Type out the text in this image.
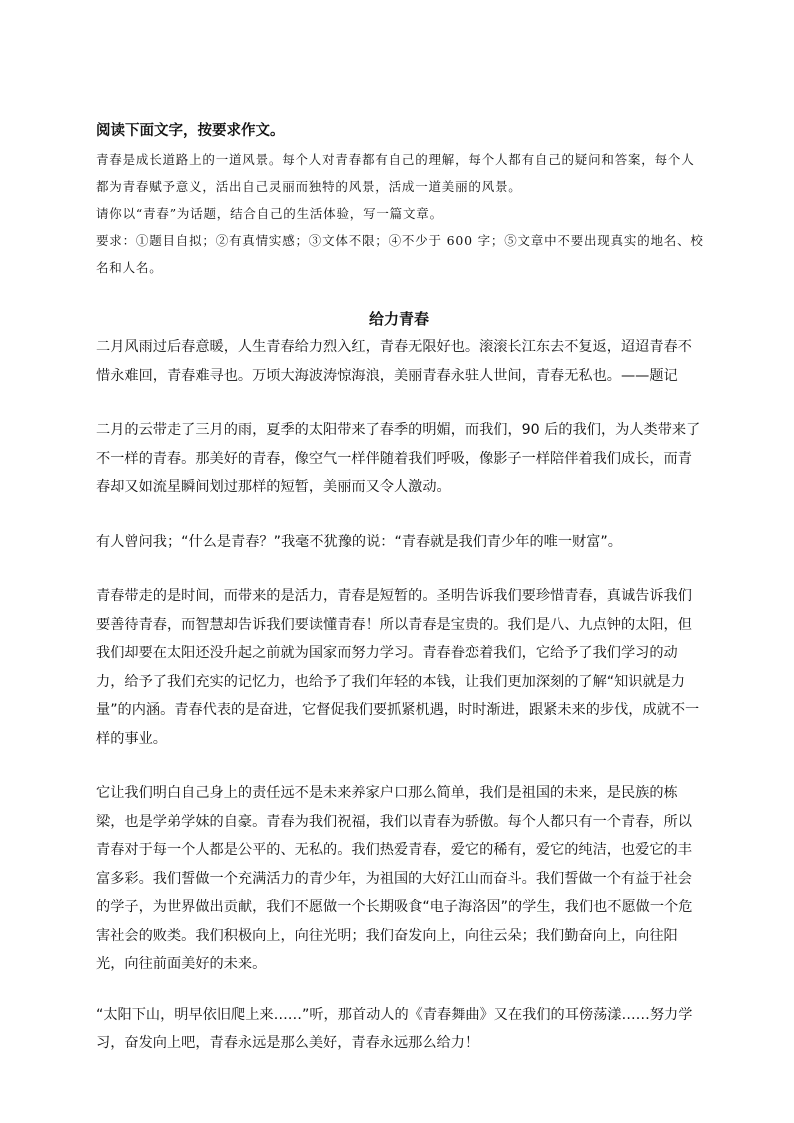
阅读下面文字，按要求作文。

青春是成长道路上的一道风景。每个人对青春都有自己的理解，每个人都有自己的疑问和答案，每个人都为青春赋予意义，活出自己灵丽而独特的风景，活成一道美丽的风景。

请你以“青春”为话题，结合自己的生活体验，写一篇文章。

要求：①题目自拟；②有真情实感；③文体不限；④不少于 600 字；⑤文章中不要出现真实的地名、校名和人名。

给力青春

二月风雨过后春意暖，人生青春给力烈入红，青春无限好也。滚滚长江东去不复返，迢迢青春不惜永难回，青春难寻也。万顷大海波涛惊海浪，美丽青春永驻人世间，青春无私也。——题记

二月的云带走了三月的雨，夏季的太阳带来了春季的明媚，而我们，90 后的我们，为人类带来了不一样的青春。那美好的青春，像空气一样伴随着我们呼吸，像影子一样陪伴着我们成长，而青春却又如流星瞬间划过那样的短暂，美丽而又令人激动。

有人曾问我；“什么是青春？”我毫不犹豫的说：“青春就是我们青少年的唯一财富”。

青春带走的是时间，而带来的是活力，青春是短暂的。圣明告诉我们要珍惜青春，真诚告诉我们要善待青春，而智慧却告诉我们要读懂青春！所以青春是宝贵的。我们是八、九点钟的太阳，但我们却要在太阳还没升起之前就为国家而努力学习。青春眷恋着我们，它给予了我们学习的动力，给予了我们充实的记忆力，也给予了我们年轻的本钱，让我们更加深刻的了解“知识就是力量”的内涵。青春代表的是奋进，它督促我们要抓紧机遇，时时渐进，跟紧未来的步伐，成就不一样的事业。

它让我们明白自己身上的责任远不是未来养家户口那么简单，我们是祖国的未来，是民族的栋梁，也是学弟学妹的自豪。青春为我们祝福，我们以青春为骄傲。每个人都只有一个青春，所以青春对于每一个人都是公平的、无私的。我们热爱青春，爱它的稀有，爱它的纯洁，也爱它的丰富多彩。我们誓做一个充满活力的青少年，为祖国的大好江山而奋斗。我们誓做一个有益于社会的学子，为世界做出贡献，我们不愿做一个长期吸食“电子海洛因”的学生，我们也不愿做一个危害社会的败类。我们积极向上，向往光明；我们奋发向上，向往云朵；我们勤奋向上，向往阳光，向往前面美好的未来。

“太阳下山，明早依旧爬上来……”听，那首动人的《青春舞曲》又在我们的耳傍荡漾……努力学习，奋发向上吧，青春永远是那么美好，青春永远那么给力！
